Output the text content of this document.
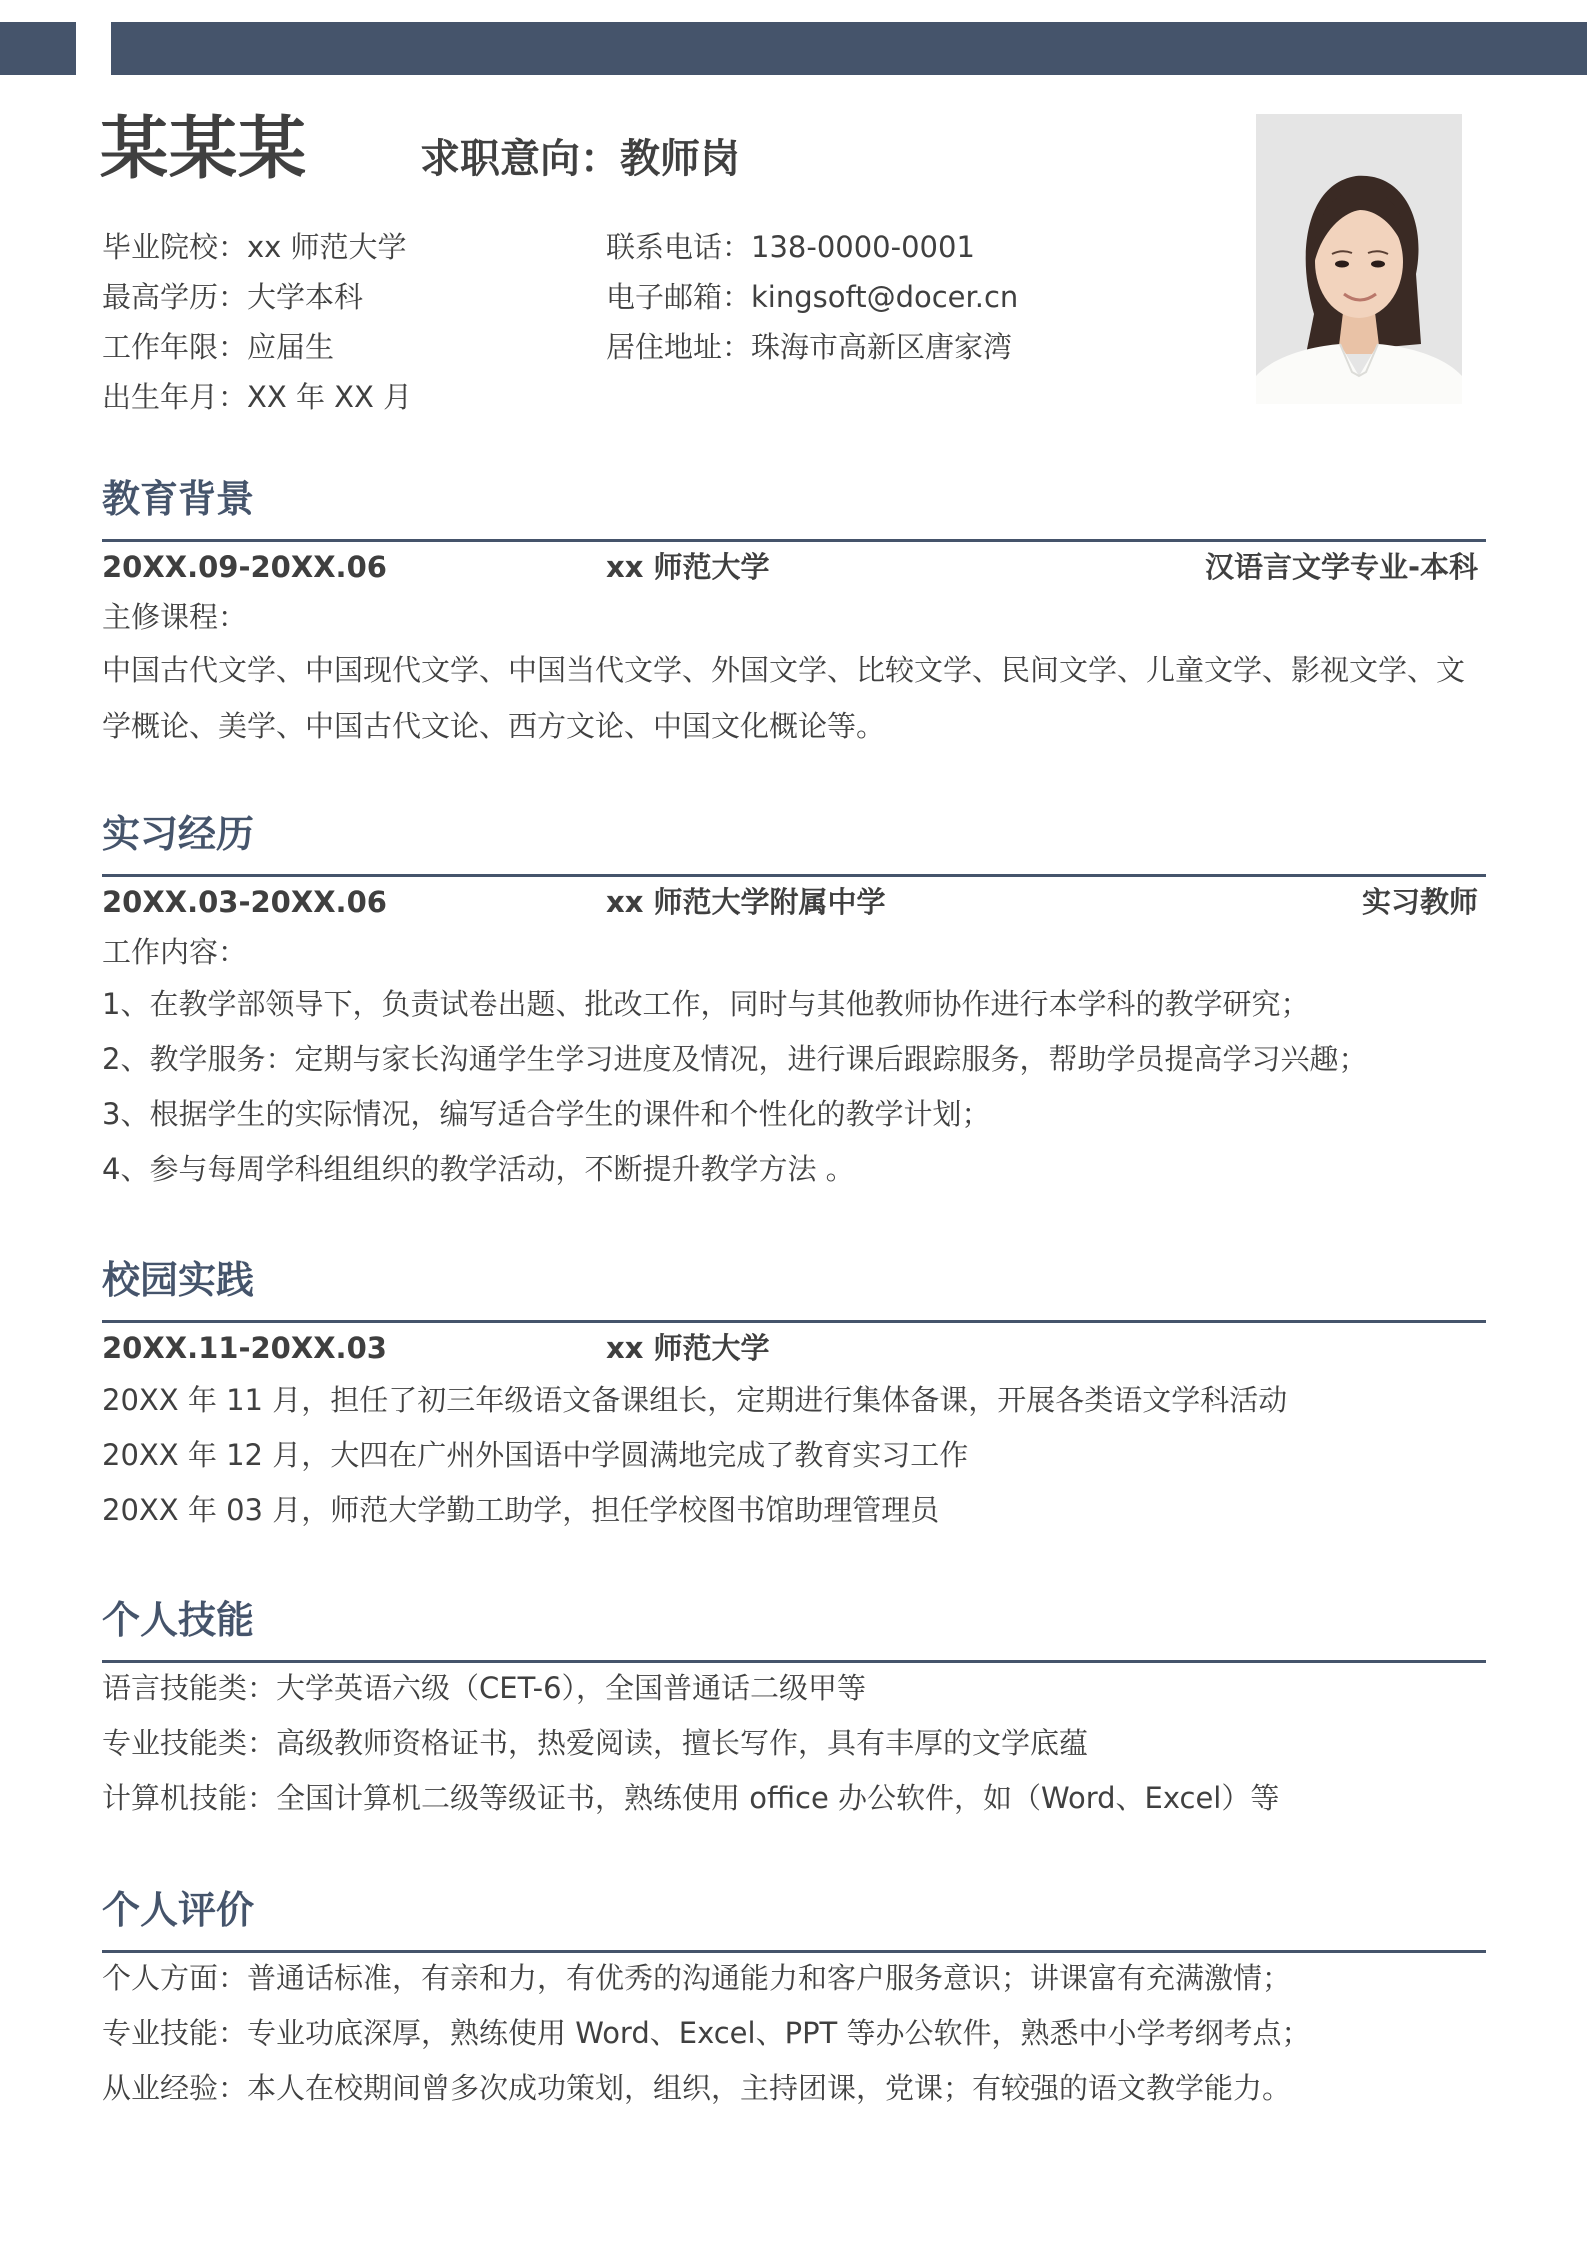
某某某	求职意向：教师岗
毕业院校：xx 师范大学
最高学历：大学本科
工作年限：应届生
出生年月：XX 年 XX 月
联系电话：138-0000-0001
电子邮箱：kingsoft@docer.cn
居住地址：珠海市高新区唐家湾
教育背景
20XX.09-20XX.06	xx 师范大学	汉语言文学专业-本科
主修课程：
中国古代文学、中国现代文学、中国当代文学、外国文学、比较文学、民间文学、儿童文学、影视文学、文
学概论、美学、中国古代文论、西方文论、中国文化概论等。
实习经历
20XX.03-20XX.06	xx 师范大学附属中学	实习教师
工作内容：
1、在教学部领导下，负责试卷出题、批改工作，同时与其他教师协作进行本学科的教学研究；
2、教学服务：定期与家长沟通学生学习进度及情况，进行课后跟踪服务，帮助学员提高学习兴趣；
3、根据学生的实际情况，编写适合学生的课件和个性化的教学计划；
4、参与每周学科组组织的教学活动，不断提升教学方法 。
校园实践
20XX.11-20XX.03	xx 师范大学
20XX 年 11 月，担任了初三年级语文备课组长，定期进行集体备课，开展各类语文学科活动
20XX 年 12 月，大四在广州外国语中学圆满地完成了教育实习工作
20XX 年 03 月，师范大学勤工助学，担任学校图书馆助理管理员
个人技能
语言技能类：大学英语六级（CET-6），全国普通话二级甲等
专业技能类：高级教师资格证书，热爱阅读，擅长写作，具有丰厚的文学底蕴
计算机技能：全国计算机二级等级证书，熟练使用 office 办公软件，如（Word、Excel）等
个人评价
个人方面：普通话标准，有亲和力，有优秀的沟通能力和客户服务意识；讲课富有充满激情；
专业技能：专业功底深厚，熟练使用 Word、Excel、PPT 等办公软件，熟悉中小学考纲考点；
从业经验：本人在校期间曾多次成功策划，组织，主持团课，党课；有较强的语文教学能力。
